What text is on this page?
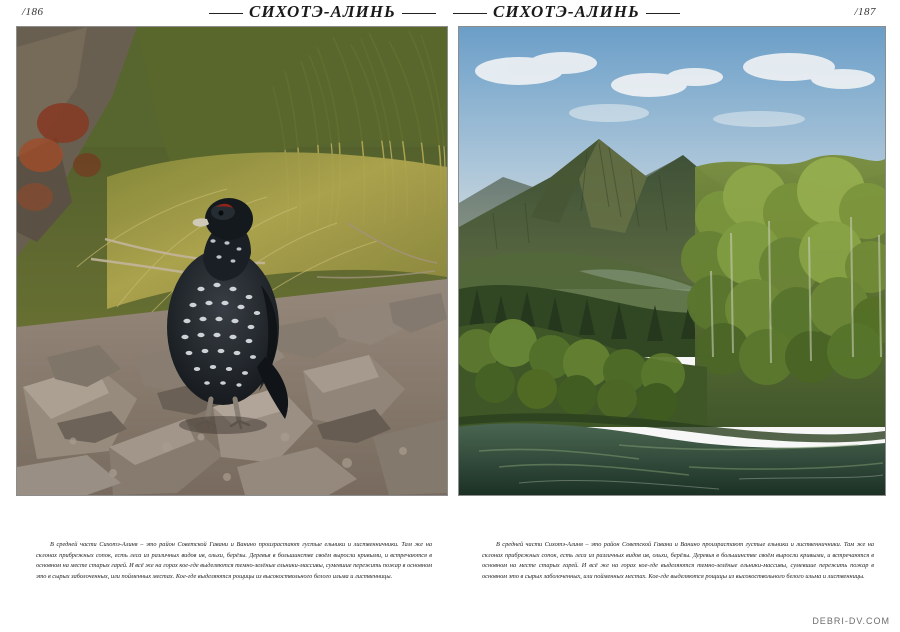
/186	СИХОТЭ-АЛИНЬ	СИХОТЭ-АЛИНЬ	/187

В средней части Сихотэ-Алиня – это район Советской Гавани и Ванино произрастают густые ельники и лиственничники. Там же на склонах прибрежных сопок, есть леса из различных видов ив, ольхи, берёзы. Деревья в большинстве своём выросли кривыми, и встречаются в основном на месте старых гарей. И всё же на горах кое-где выделяются темно-зелёные ельники-массивы, сумевшие пережить пожар в основном это в сырых заболоченных, или пойменных местах. Кое-где выделяются рощицы из высокоствольного белого ильма и лиственницы.

В средней части Сихотэ-Алиня – это район Советской Гавани и Ванино произрастают густые ельники и лиственничники. Там же на склонах прибрежных сопок, есть леса из различных видов ив, ольхи, берёзы. Деревья в большинстве своём выросли кривыми, и встречаются в основном на месте старых гарей. И всё же на горах кое-где выделяются темно-зелёные ельники-массивы, сумевшие пережить пожар в основном это в сырых заболоченных, или пойменных местах. Кое-где выделяются рощицы из высокоствольного белого ильма и лиственницы.

DEBRI-DV.COM
